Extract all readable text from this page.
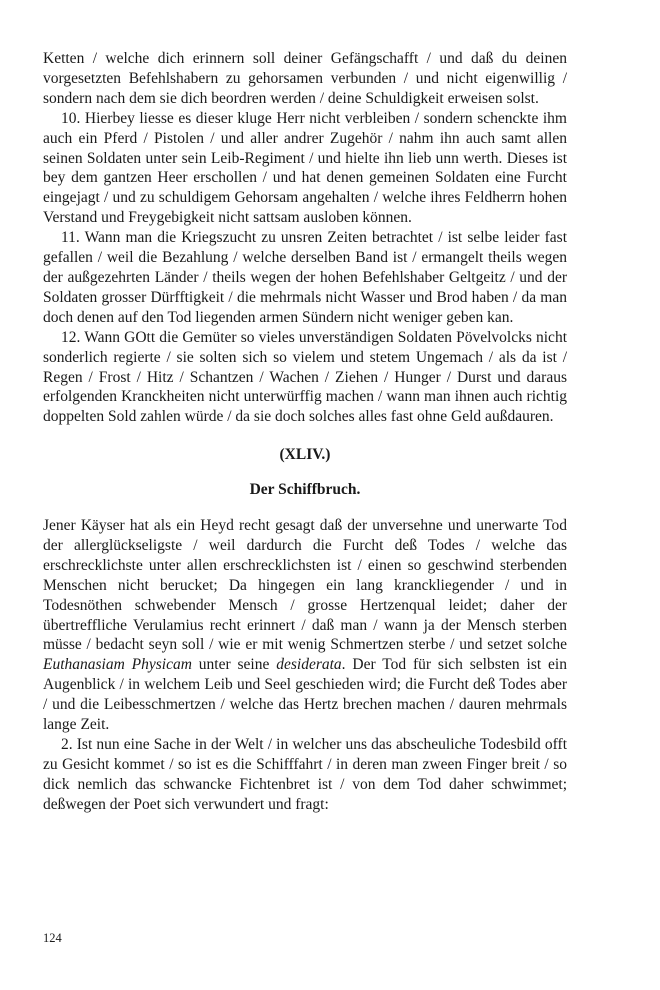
Ketten / welche dich erinnern soll deiner Gefängschafft / und daß du deinen vorgesetzten Befehlshabern zu gehorsamen verbunden / und nicht eigenwillig / sondern nach dem sie dich beordren werden / deine Schuldigkeit erweisen solst.

10. Hierbey liesse es dieser kluge Herr nicht verbleiben / sondern schenckte ihm auch ein Pferd / Pistolen / und aller andrer Zugehör / nahm ihn auch samt allen seinen Soldaten unter sein Leib-Regiment / und hielte ihn lieb unn werth. Dieses ist bey dem gantzen Heer erschollen / und hat denen gemeinen Soldaten eine Furcht eingejagt / und zu schuldigem Gehorsam angehalten / welche ihres Feldherrn hohen Verstand und Freygebigkeit nicht sattsam ausloben können.

11. Wann man die Kriegszucht zu unsren Zeiten betrachtet / ist selbe leider fast gefallen / weil die Bezahlung / welche derselben Band ist / ermangelt theils wegen der außgezehrten Länder / theils wegen der hohen Befehlshaber Geltgeitz / und der Soldaten grosser Dürfftigkeit / die mehrmals nicht Wasser und Brod haben / da man doch denen auf den Tod liegenden armen Sündern nicht weniger geben kan.

12. Wann GOtt die Gemüter so vieles unverständigen Soldaten Pövelvolcks nicht sonderlich regierte / sie solten sich so vielem und stetem Ungemach / als da ist / Regen / Frost / Hitz / Schantzen / Wachen / Ziehen / Hunger / Durst und daraus erfolgenden Kranckheiten nicht unterwürffig machen / wann man ihnen auch richtig doppelten Sold zahlen würde / da sie doch solches alles fast ohne Geld außdauren.

(XLIV.)

Der Schiffbruch.

Jener Käyser hat als ein Heyd recht gesagt daß der unversehne und unerwarte Tod der allerglückseligste / weil dardurch die Furcht deß Todes / welche das erschrecklichste unter allen erschrecklichsten ist / einen so geschwind sterbenden Menschen nicht berucket; Da hingegen ein lang kranckliegender / und in Todesnöthen schwebender Mensch / grosse Hertzenqual leidet; daher der übertreffliche Verulamius recht erinnert / daß man / wann ja der Mensch sterben müsse / bedacht seyn soll / wie er mit wenig Schmertzen sterbe / und setzet solche Euthanasiam Physicam unter seine desiderata. Der Tod für sich selbsten ist ein Augenblick / in welchem Leib und Seel geschieden wird; die Furcht deß Todes aber / und die Leibesschmertzen / welche das Hertz brechen machen / dauren mehrmals lange Zeit.

2. Ist nun eine Sache in der Welt / in welcher uns das abscheuliche Todesbild offt zu Gesicht kommet / so ist es die Schifffahrt / in deren man zween Finger breit / so dick nemlich das schwancke Fichtenbret ist / von dem Tod daher schwimmet; deßwegen der Poet sich verwundert und fragt:

124
